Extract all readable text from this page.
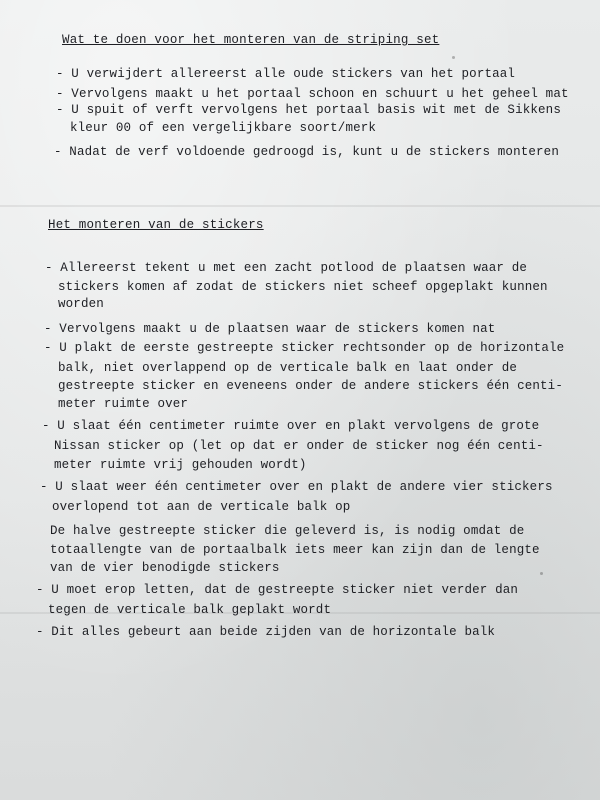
Wat te doen voor het monteren van de striping set
- U verwijdert allereerst alle oude stickers van het portaal
- Vervolgens maakt u het portaal schoon en schuurt u het geheel mat
- U spuit of verft vervolgens het portaal basis wit met de Sikkens
kleur 00 of een vergelijkbare soort/merk
- Nadat de verf voldoende gedroogd is, kunt u de stickers monteren
Het monteren van de stickers
- Allereerst tekent u met een zacht potlood de plaatsen waar de
stickers komen af zodat de stickers niet scheef opgeplakt kunnen
worden
- Vervolgens maakt u de plaatsen waar de stickers komen nat
- U plakt de eerste gestreepte sticker rechtsonder op de horizontale
balk, niet overlappend op de verticale balk en laat onder de
gestreepte sticker en eveneens onder de andere stickers één centi-
meter ruimte over
- U slaat één centimeter ruimte over en plakt vervolgens de grote
Nissan sticker op (let op dat er onder de sticker nog één centi-
meter ruimte vrij gehouden wordt)
- U slaat weer één centimeter over en plakt de andere vier stickers
overlopend tot aan de verticale balk op
De halve gestreepte sticker die geleverd is, is nodig omdat de
totaallengte van de portaalbalk iets meer kan zijn dan de lengte
van de vier benodigde stickers
- U moet erop letten, dat de gestreepte sticker niet verder dan
tegen de verticale balk geplakt wordt
- Dit alles gebeurt aan beide zijden van de horizontale balk
